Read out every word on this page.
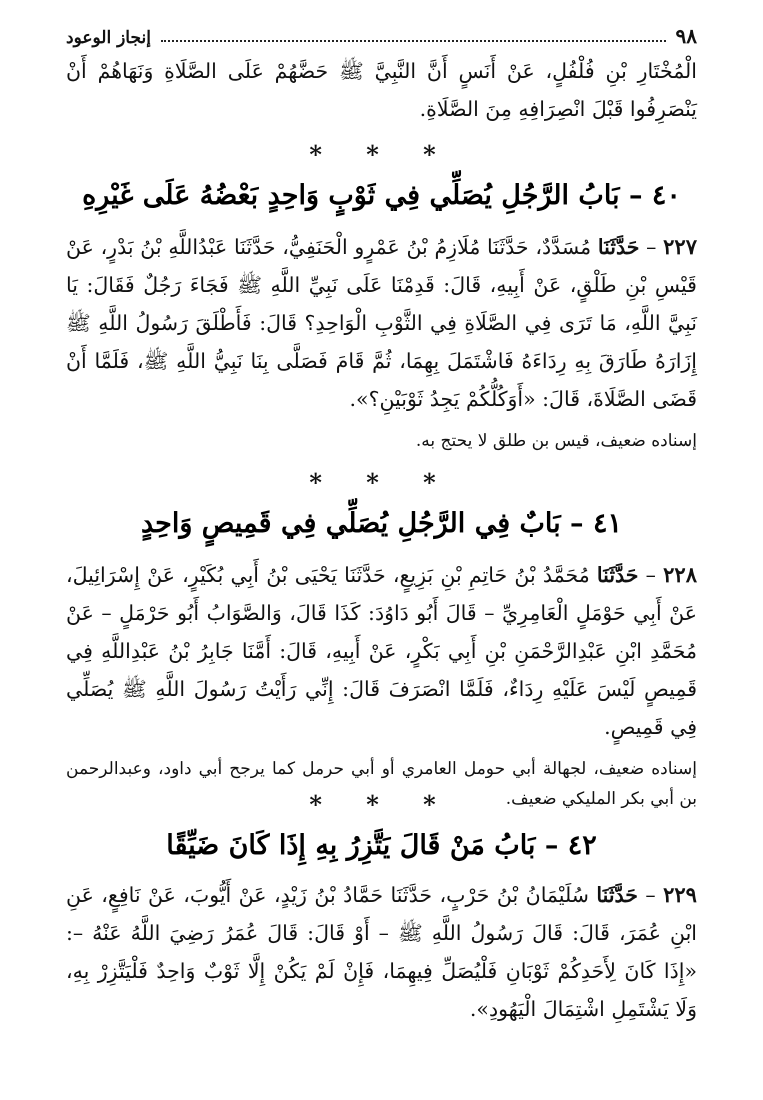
٩٨
إنجاز الوعود

الْمُخْتَارِ بْنِ فُلْفُلٍ، عَنْ أَنَسٍ أَنَّ النَّبِيَّ ﷺ حَضَّهُمْ عَلَى الصَّلَاةِ وَنَهَاهُمْ أَنْ يَنْصَرِفُوا قَبْلَ انْصِرَافِهِ مِنَ الصَّلَاةِ.

* * *
٤٠ – بَابُ الرَّجُلِ يُصَلِّي فِي ثَوْبٍ وَاحِدٍ بَعْضُهُ عَلَى غَيْرِهِ

٢٢٧ – حَدَّثَنَا مُسَدَّدٌ، حَدَّثَنَا مُلَازِمُ بْنُ عَمْرٍو الْحَنَفِيُّ، حَدَّثَنَا عَبْدُاللَّهِ بْنُ بَدْرٍ، عَنْ قَيْسِ بْنِ طَلْقٍ، عَنْ أَبِيهِ، قَالَ: قَدِمْنَا عَلَى نَبِيِّ اللَّهِ ﷺ فَجَاءَ رَجُلٌ فَقَالَ: يَا نَبِيَّ اللَّهِ، مَا تَرَى فِي الصَّلَاةِ فِي الثَّوْبِ الْوَاحِدِ؟ قَالَ: فَأَطْلَقَ رَسُولُ اللَّهِ ﷺ إِزَارَهُ طَارَقَ بِهِ رِدَاءَهُ فَاشْتَمَلَ بِهِمَا، ثُمَّ قَامَ فَصَلَّى بِنَا نَبِيُّ اللَّهِ ﷺ، فَلَمَّا أَنْ قَضَى الصَّلَاةَ، قَالَ: «أَوَكُلُّكُمْ يَجِدُ ثَوْبَيْنِ؟».

إسناده ضعيف، قيس بن طلق لا يحتج به.

* * *
٤١ – بَابٌ فِي الرَّجُلِ يُصَلِّي فِي قَمِيصٍ وَاحِدٍ

٢٢٨ – حَدَّثَنَا مُحَمَّدُ بْنُ حَاتِمِ بْنِ بَزِيعٍ، حَدَّثَنَا يَحْيَى بْنُ أَبِي بُكَيْرٍ، عَنْ إِسْرَائِيلَ، عَنْ أَبِي حَوْمَلٍ الْعَامِرِيِّ – قَالَ أَبُو دَاوُدَ: كَذَا قَالَ، وَالصَّوَابُ أَبُو حَرْمَلٍ – عَنْ مُحَمَّدِ ابْنِ عَبْدِالرَّحْمَنِ بْنِ أَبِي بَكْرٍ، عَنْ أَبِيهِ، قَالَ: أَمَّنَا جَابِرُ بْنُ عَبْدِاللَّهِ فِي قَمِيصٍ لَيْسَ عَلَيْهِ رِدَاءٌ، فَلَمَّا انْصَرَفَ قَالَ: إِنِّي رَأَيْتُ رَسُولَ اللَّهِ ﷺ يُصَلِّي فِي قَمِيصٍ.

إسناده ضعيف، لجهالة أبي حومل العامري أو أبي حرمل كما يرجح أبي داود، وعبدالرحمن بن أبي بكر المليكي ضعيف.

* * *
٤٢ – بَابُ مَنْ قَالَ يَتَّزِرُ بِهِ إِذَا كَانَ ضَيِّقًا

٢٢٩ – حَدَّثَنَا سُلَيْمَانُ بْنُ حَرْبٍ، حَدَّثَنَا حَمَّادُ بْنُ زَيْدٍ، عَنْ أَيُّوبَ، عَنْ نَافِعٍ، عَنِ ابْنِ عُمَرَ، قَالَ: قَالَ رَسُولُ اللَّهِ ﷺ – أَوْ قَالَ: قَالَ عُمَرُ رَضِيَ اللَّهُ عَنْهُ –: «إِذَا كَانَ لِأَحَدِكُمْ ثَوْبَانِ فَلْيُصَلِّ فِيهِمَا، فَإِنْ لَمْ يَكُنْ إِلَّا ثَوْبٌ وَاحِدٌ فَلْيَتَّزِرْ بِهِ، وَلَا يَشْتَمِلِ اشْتِمَالَ الْيَهُودِ».
